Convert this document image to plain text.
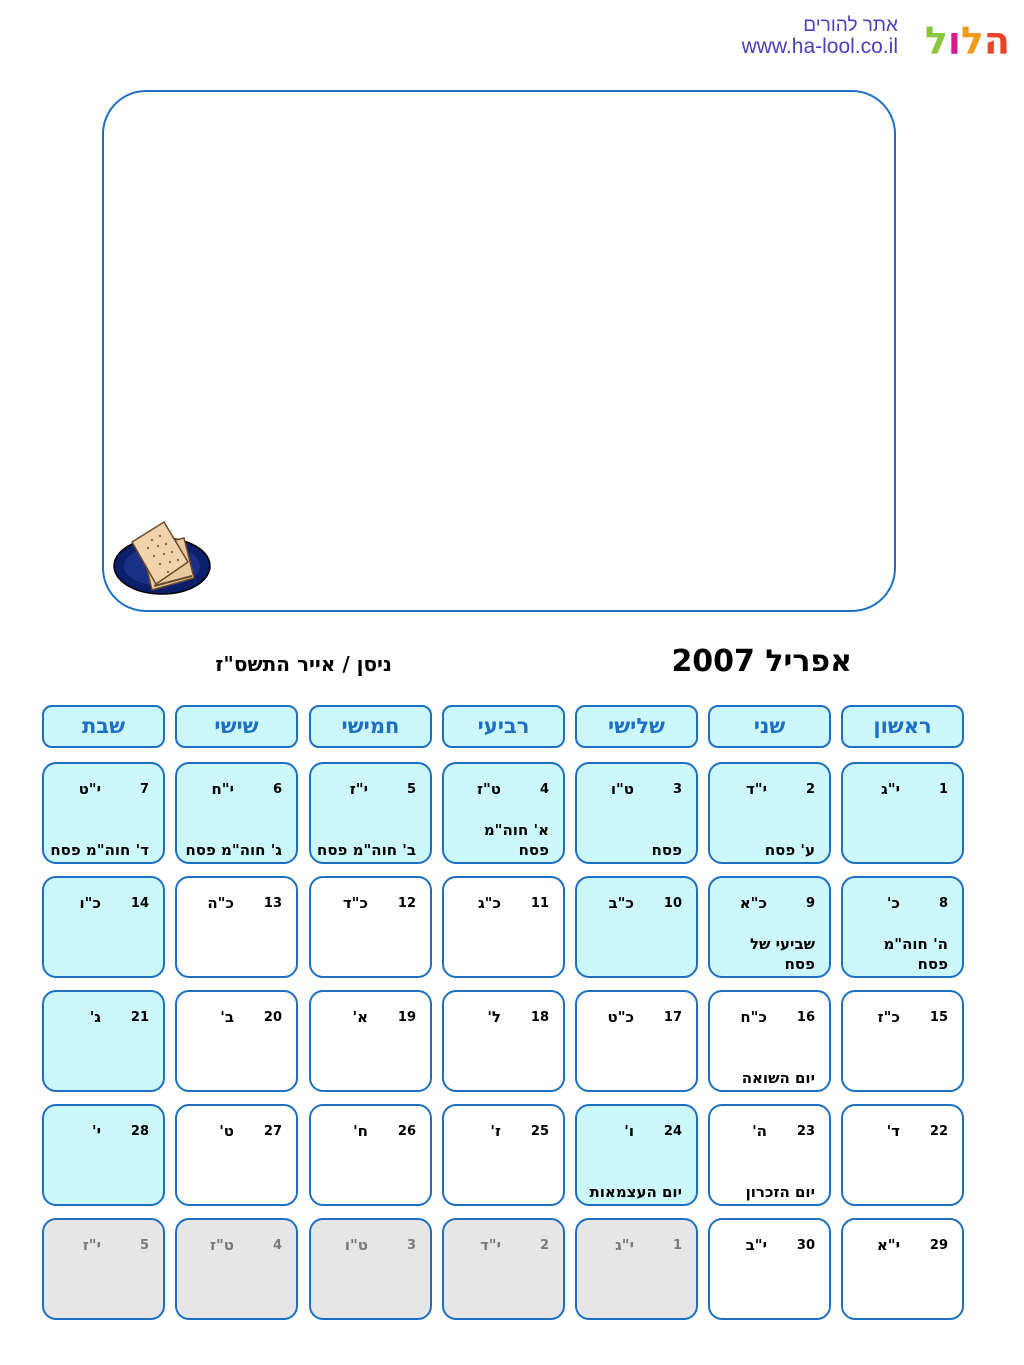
אתר להורים
www.ha-lool.co.il	הלול
אפריל 2007
ניסן / אייר התשס"ז
ראשון
שני
שלישי
רביעי
חמישי
שישי
שבת
1
י"ג
2
י"ד
ע' פסח
3
ט"ו
פסח
4
ט"ז
א' חוה"מ פסח
5
י"ז
ב' חוה"מ פסח
6
י"ח
ג' חוה"מ פסח
7
י"ט
ד' חוה"מ פסח
8
כ'
ה' חוה"מ פסח
9
כ"א
שביעי של פסח
10
כ"ב
11
כ"ג
12
כ"ד
13
כ"ה
14
כ"ו
15
כ"ז
16
כ"ח
יום השואה
17
כ"ט
18
ל'
19
א'
20
ב'
21
ג'
22
ד'
23
ה'
יום הזכרון
24
ו'
יום העצמאות
25
ז'
26
ח'
27
ט'
28
י'
29
י"א
30
י"ב
1
י"ג
2
י"ד
3
ט"ו
4
ט"ז
5
י"ז
